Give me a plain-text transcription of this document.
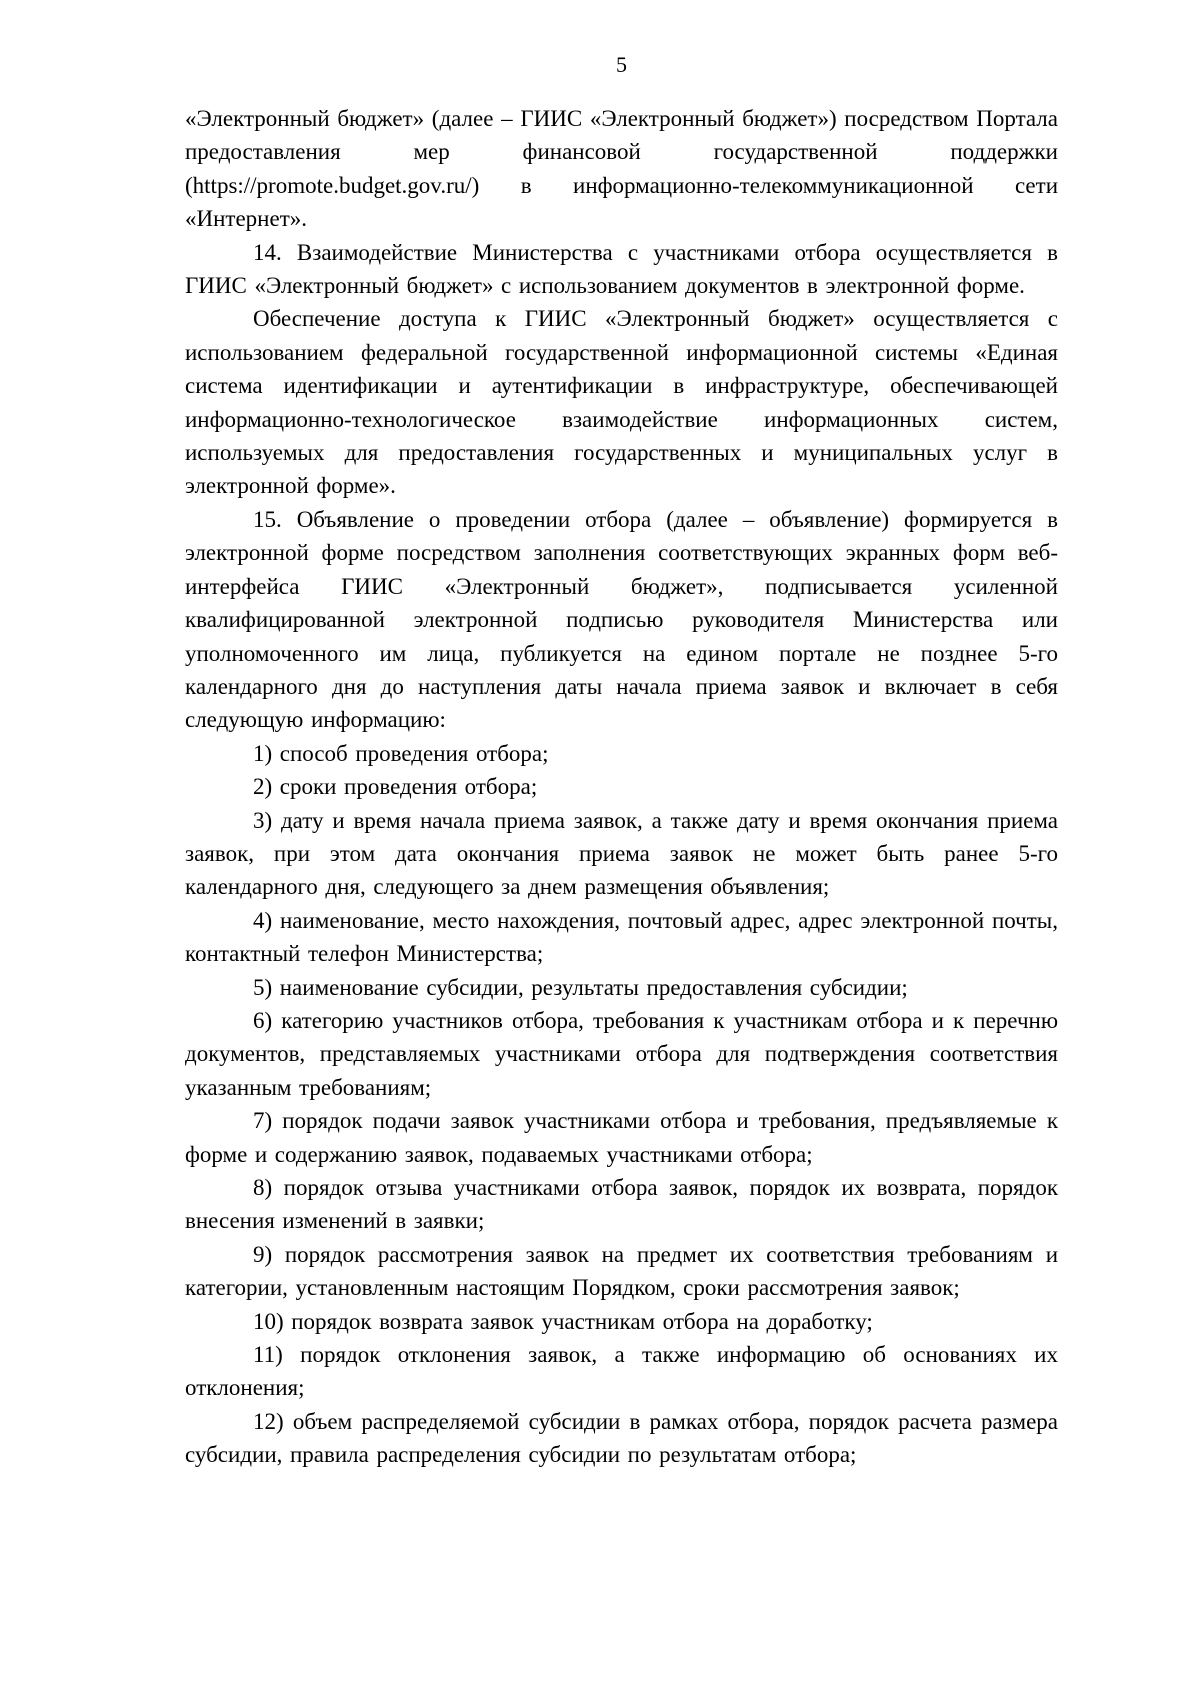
5

«Электронный бюджет» (далее – ГИИС «Электронный бюджет») посредством Портала предоставления мер финансовой государственной поддержки (https://promote.budget.gov.ru/) в информационно-телекоммуникационной сети «Интернет».

14. Взаимодействие Министерства с участниками отбора осуществляется в ГИИС «Электронный бюджет» с использованием документов в электронной форме.

Обеспечение доступа к ГИИС «Электронный бюджет» осуществляется с использованием федеральной государственной информационной системы «Единая система идентификации и аутентификации в инфраструктуре, обеспечивающей информационно-технологическое взаимодействие информационных систем, используемых для предоставления государственных и муниципальных услуг в электронной форме».

15. Объявление о проведении отбора (далее – объявление) формируется в электронной форме посредством заполнения соответствующих экранных форм веб-интерфейса ГИИС «Электронный бюджет», подписывается усиленной квалифицированной электронной подписью руководителя Министерства или уполномоченного им лица, публикуется на едином портале не позднее 5-го календарного дня до наступления даты начала приема заявок и включает в себя следующую информацию:

1) способ проведения отбора;

2) сроки проведения отбора;

3) дату и время начала приема заявок, а также дату и время окончания приема заявок, при этом дата окончания приема заявок не может быть ранее 5-го календарного дня, следующего за днем размещения объявления;

4) наименование, место нахождения, почтовый адрес, адрес электронной почты, контактный телефон Министерства;

5) наименование субсидии, результаты предоставления субсидии;

6) категорию участников отбора, требования к участникам отбора и к перечню документов, представляемых участниками отбора для подтверждения соответствия указанным требованиям;

7) порядок подачи заявок участниками отбора и требования, предъявляемые к форме и содержанию заявок, подаваемых участниками отбора;

8) порядок отзыва участниками отбора заявок, порядок их возврата, порядок внесения изменений в заявки;

9) порядок рассмотрения заявок на предмет их соответствия требованиям и категории, установленным настоящим Порядком, сроки рассмотрения заявок;

10) порядок возврата заявок участникам отбора на доработку;

11) порядок отклонения заявок, а также информацию об основаниях их отклонения;

12) объем распределяемой субсидии в рамках отбора, порядок расчета размера субсидии, правила распределения субсидии по результатам отбора;
